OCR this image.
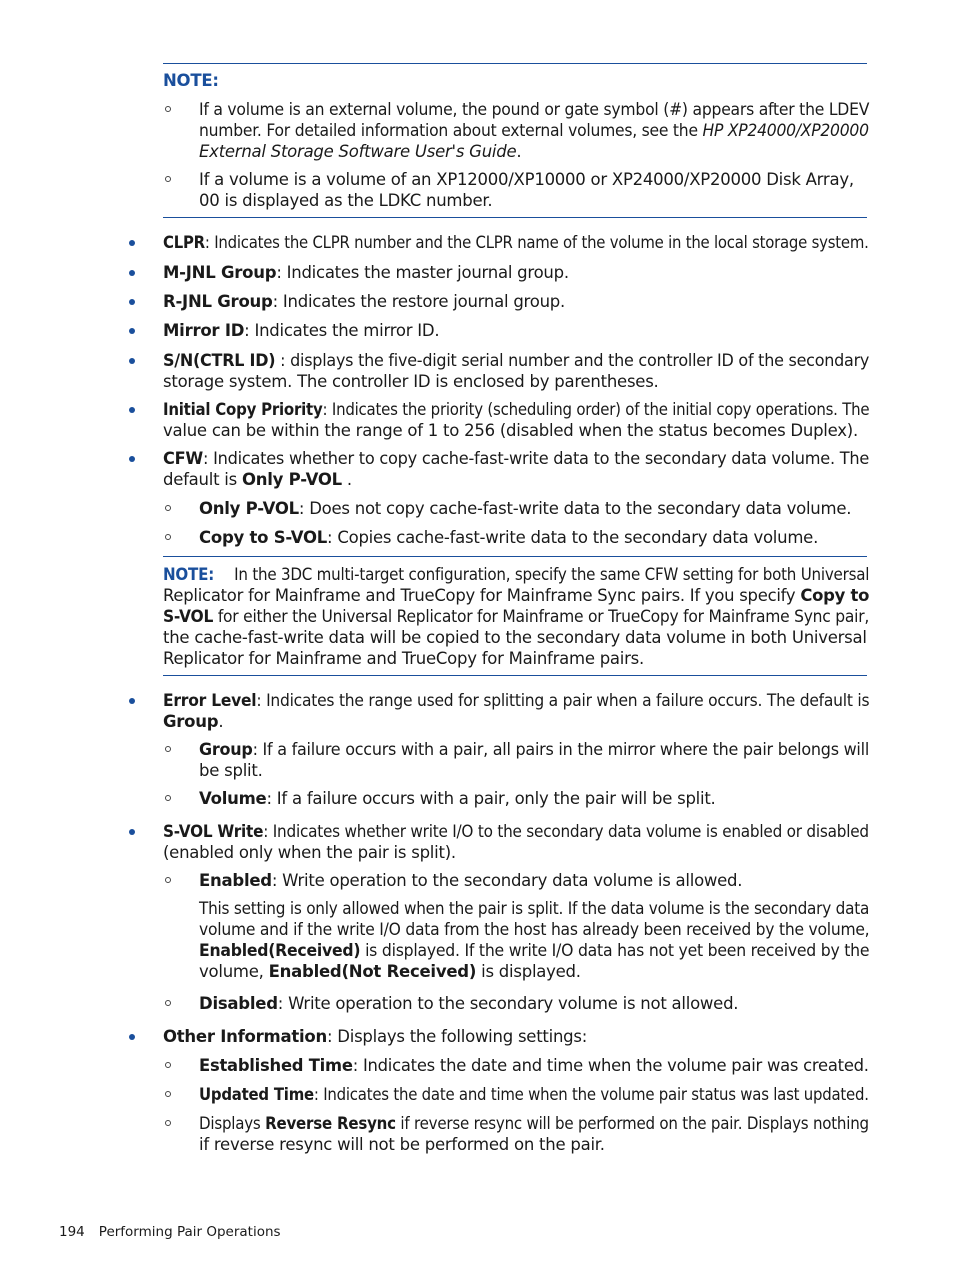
NOTE:
If a volume is an external volume, the pound or gate symbol (#) appears after the LDEV
number. For detailed information about external volumes, see the HP XP24000/XP20000
External Storage Software User's Guide.
If a volume is a volume of an XP12000/XP10000 or XP24000/XP20000 Disk Array,
00 is displayed as the LDKC number.
CLPR: Indicates the CLPR number and the CLPR name of the volume in the local storage system.
M-JNL Group: Indicates the master journal group.
R-JNL Group: Indicates the restore journal group.
Mirror ID: Indicates the mirror ID.
S/N(CTRL ID) : displays the five-digit serial number and the controller ID of the secondary
storage system. The controller ID is enclosed by parentheses.
Initial Copy Priority: Indicates the priority (scheduling order) of the initial copy operations. The
value can be within the range of 1 to 256 (disabled when the status becomes Duplex).
CFW: Indicates whether to copy cache-fast-write data to the secondary data volume. The
default is Only P-VOL .
Only P-VOL: Does not copy cache-fast-write data to the secondary data volume.
Copy to S-VOL: Copies cache-fast-write data to the secondary data volume.
NOTE: In the 3DC multi-target configuration, specify the same CFW setting for both Universal
Replicator for Mainframe and TrueCopy for Mainframe Sync pairs. If you specify Copy to
S-VOL for either the Universal Replicator for Mainframe or TrueCopy for Mainframe Sync pair,
the cache-fast-write data will be copied to the secondary data volume in both Universal
Replicator for Mainframe and TrueCopy for Mainframe pairs.
Error Level: Indicates the range used for splitting a pair when a failure occurs. The default is
Group.
Group: If a failure occurs with a pair, all pairs in the mirror where the pair belongs will
be split.
Volume: If a failure occurs with a pair, only the pair will be split.
S-VOL Write: Indicates whether write I/O to the secondary data volume is enabled or disabled
(enabled only when the pair is split).
Enabled: Write operation to the secondary data volume is allowed.
This setting is only allowed when the pair is split. If the data volume is the secondary data
volume and if the write I/O data from the host has already been received by the volume,
Enabled(Received) is displayed. If the write I/O data has not yet been received by the
volume, Enabled(Not Received) is displayed.
Disabled: Write operation to the secondary volume is not allowed.
Other Information: Displays the following settings:
Established Time: Indicates the date and time when the volume pair was created.
Updated Time: Indicates the date and time when the volume pair status was last updated.
Displays Reverse Resync if reverse resync will be performed on the pair. Displays nothing
if reverse resync will not be performed on the pair.
194 Performing Pair Operations
